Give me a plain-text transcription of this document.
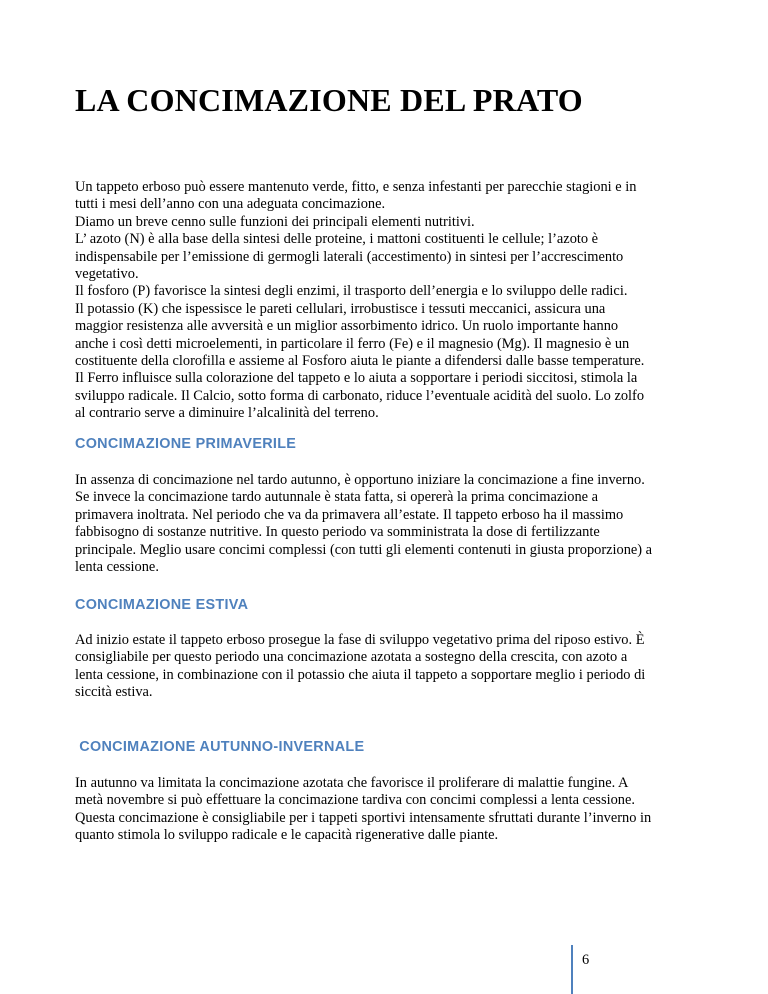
LA CONCIMAZIONE DEL PRATO

Un tappeto erboso può essere mantenuto verde, fitto, e senza infestanti per parecchie stagioni e in
tutti i mesi dell’anno con una adeguata concimazione.
Diamo un breve cenno sulle funzioni dei principali elementi nutritivi.
L’ azoto (N) è alla base della sintesi delle proteine, i mattoni costituenti le cellule; l’azoto è
indispensabile per l’emissione di germogli laterali (accestimento) in sintesi per l’accrescimento
vegetativo.
Il fosforo (P) favorisce la sintesi degli enzimi, il trasporto dell’energia e lo sviluppo delle radici.
Il potassio (K) che ispessisce le pareti cellulari, irrobustisce i tessuti meccanici, assicura una
maggior resistenza alle avversità e un miglior assorbimento idrico. Un ruolo importante hanno
anche i così detti microelementi, in particolare il ferro (Fe) e il magnesio (Mg). Il magnesio è un
costituente della clorofilla e assieme al Fosforo aiuta le piante a difendersi dalle basse temperature.
Il Ferro influisce sulla colorazione del tappeto e lo aiuta a sopportare i periodi siccitosi, stimola la
sviluppo radicale. Il Calcio, sotto forma di carbonato, riduce l’eventuale acidità del suolo. Lo zolfo
al contrario serve a diminuire l’alcalinità del terreno.

CONCIMAZIONE PRIMAVERILE

In assenza di concimazione nel tardo autunno, è opportuno iniziare la concimazione a fine inverno.
Se invece la concimazione tardo autunnale è stata fatta, si opererà la prima concimazione a
primavera inoltrata. Nel periodo che va da primavera all’estate. Il tappeto erboso ha il massimo
fabbisogno di sostanze nutritive. In questo periodo va somministrata la dose di fertilizzante
principale. Meglio usare concimi complessi (con tutti gli elementi contenuti in giusta proporzione) a
lenta cessione.

CONCIMAZIONE ESTIVA

Ad inizio estate il tappeto erboso prosegue la fase di sviluppo vegetativo prima del riposo estivo. È
consigliabile per questo periodo una concimazione azotata a sostegno della crescita, con azoto a
lenta cessione, in combinazione con il potassio che aiuta il tappeto a sopportare meglio i periodo di
siccità estiva.

CONCIMAZIONE AUTUNNO-INVERNALE

In autunno va limitata la concimazione azotata che favorisce il proliferare di malattie fungine. A
metà novembre si può effettuare la concimazione tardiva con concimi complessi a lenta cessione.
Questa concimazione è consigliabile per i tappeti sportivi intensamente sfruttati durante l’inverno in
quanto stimola lo sviluppo radicale e le capacità rigenerative dalle piante.

6
